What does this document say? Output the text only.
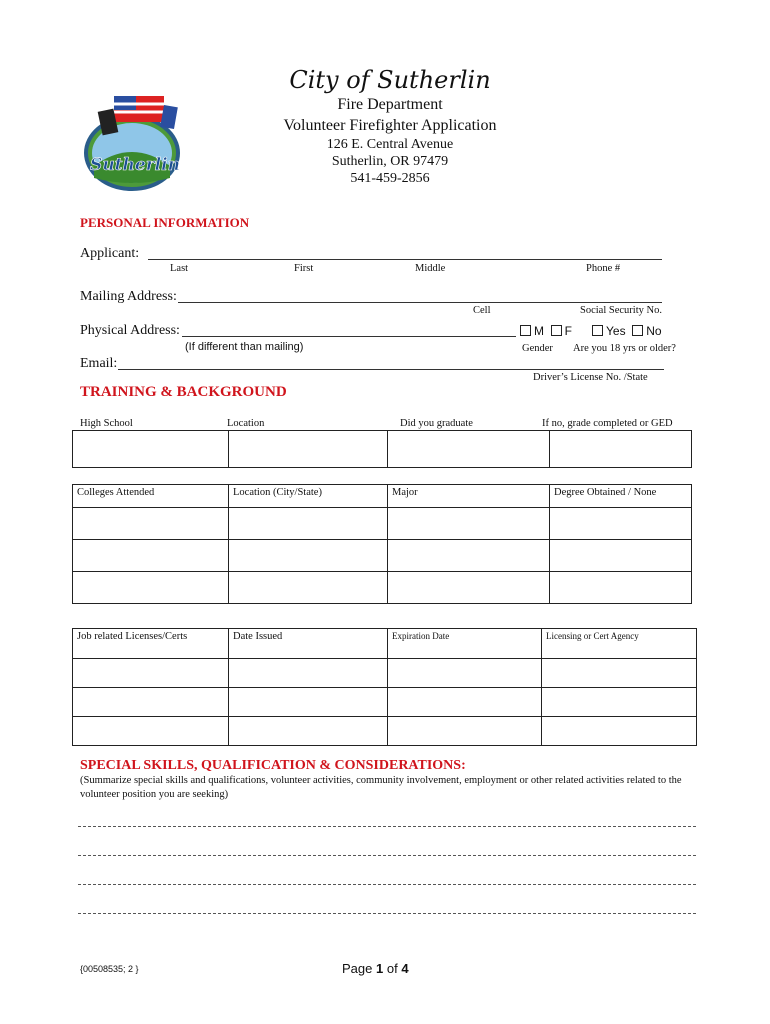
Sutherlin
City of Sutherlin
Fire Department
Volunteer Firefighter Application
126 E. Central Avenue
Sutherlin, OR 97479
541-459-2856
PERSONAL INFORMATION
Applicant:
Last	First	Middle	Phone #
Mailing Address:
Cell	Social Security No.
Physical Address:	M F	Yes No
(If different than mailing)	Gender Are you 18 yrs or older?
Email:
Driver’s License No. /State
TRAINING & BACKGROUND
High School	Location	Did you graduate	If no, grade completed or GED

Colleges Attended	Location (City/State)	Major	Degree Obtained / None

Job related Licenses/Certs	Date Issued	Expiration Date	Licensing or Cert Agency

SPECIAL SKILLS, QUALIFICATION & CONSIDERATIONS:
(Summarize special skills and qualifications, volunteer activities, community involvement, employment or other related activities related to the volunteer position you are seeking)
{00508535; 2 }	Page 1 of 4
